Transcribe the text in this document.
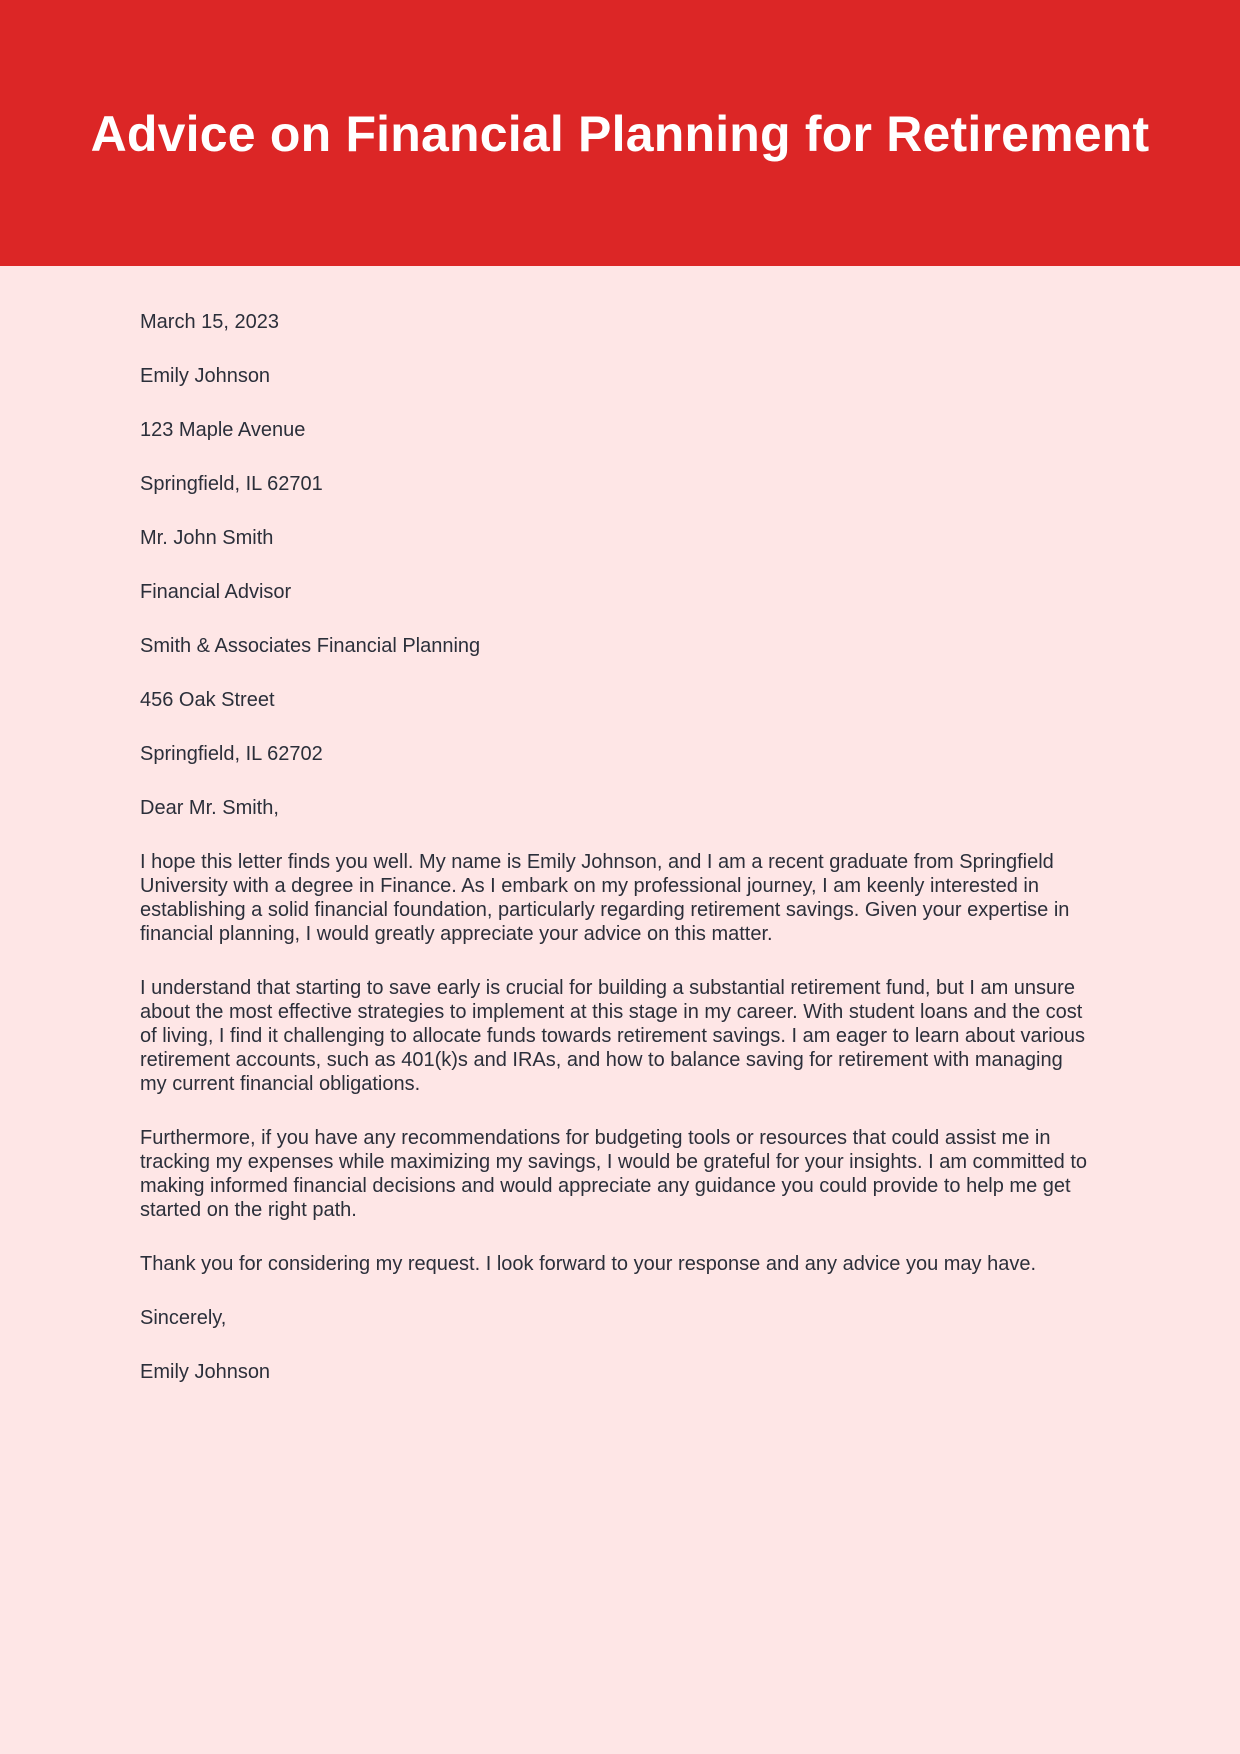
Advice on Financial Planning for Retirement

March 15, 2023

Emily Johnson

123 Maple Avenue

Springfield, IL 62701

Mr. John Smith

Financial Advisor

Smith & Associates Financial Planning

456 Oak Street

Springfield, IL 62702

Dear Mr. Smith,

I hope this letter finds you well. My name is Emily Johnson, and I am a recent graduate from Springfield University with a degree in Finance. As I embark on my professional journey, I am keenly interested in establishing a solid financial foundation, particularly regarding retirement savings. Given your expertise in financial planning, I would greatly appreciate your advice on this matter.

I understand that starting to save early is crucial for building a substantial retirement fund, but I am unsure about the most effective strategies to implement at this stage in my career. With student loans and the cost of living, I find it challenging to allocate funds towards retirement savings. I am eager to learn about various retirement accounts, such as 401(k)s and IRAs, and how to balance saving for retirement with managing my current financial obligations.

Furthermore, if you have any recommendations for budgeting tools or resources that could assist me in tracking my expenses while maximizing my savings, I would be grateful for your insights. I am committed to making informed financial decisions and would appreciate any guidance you could provide to help me get started on the right path.

Thank you for considering my request. I look forward to your response and any advice you may have.

Sincerely,

Emily Johnson
